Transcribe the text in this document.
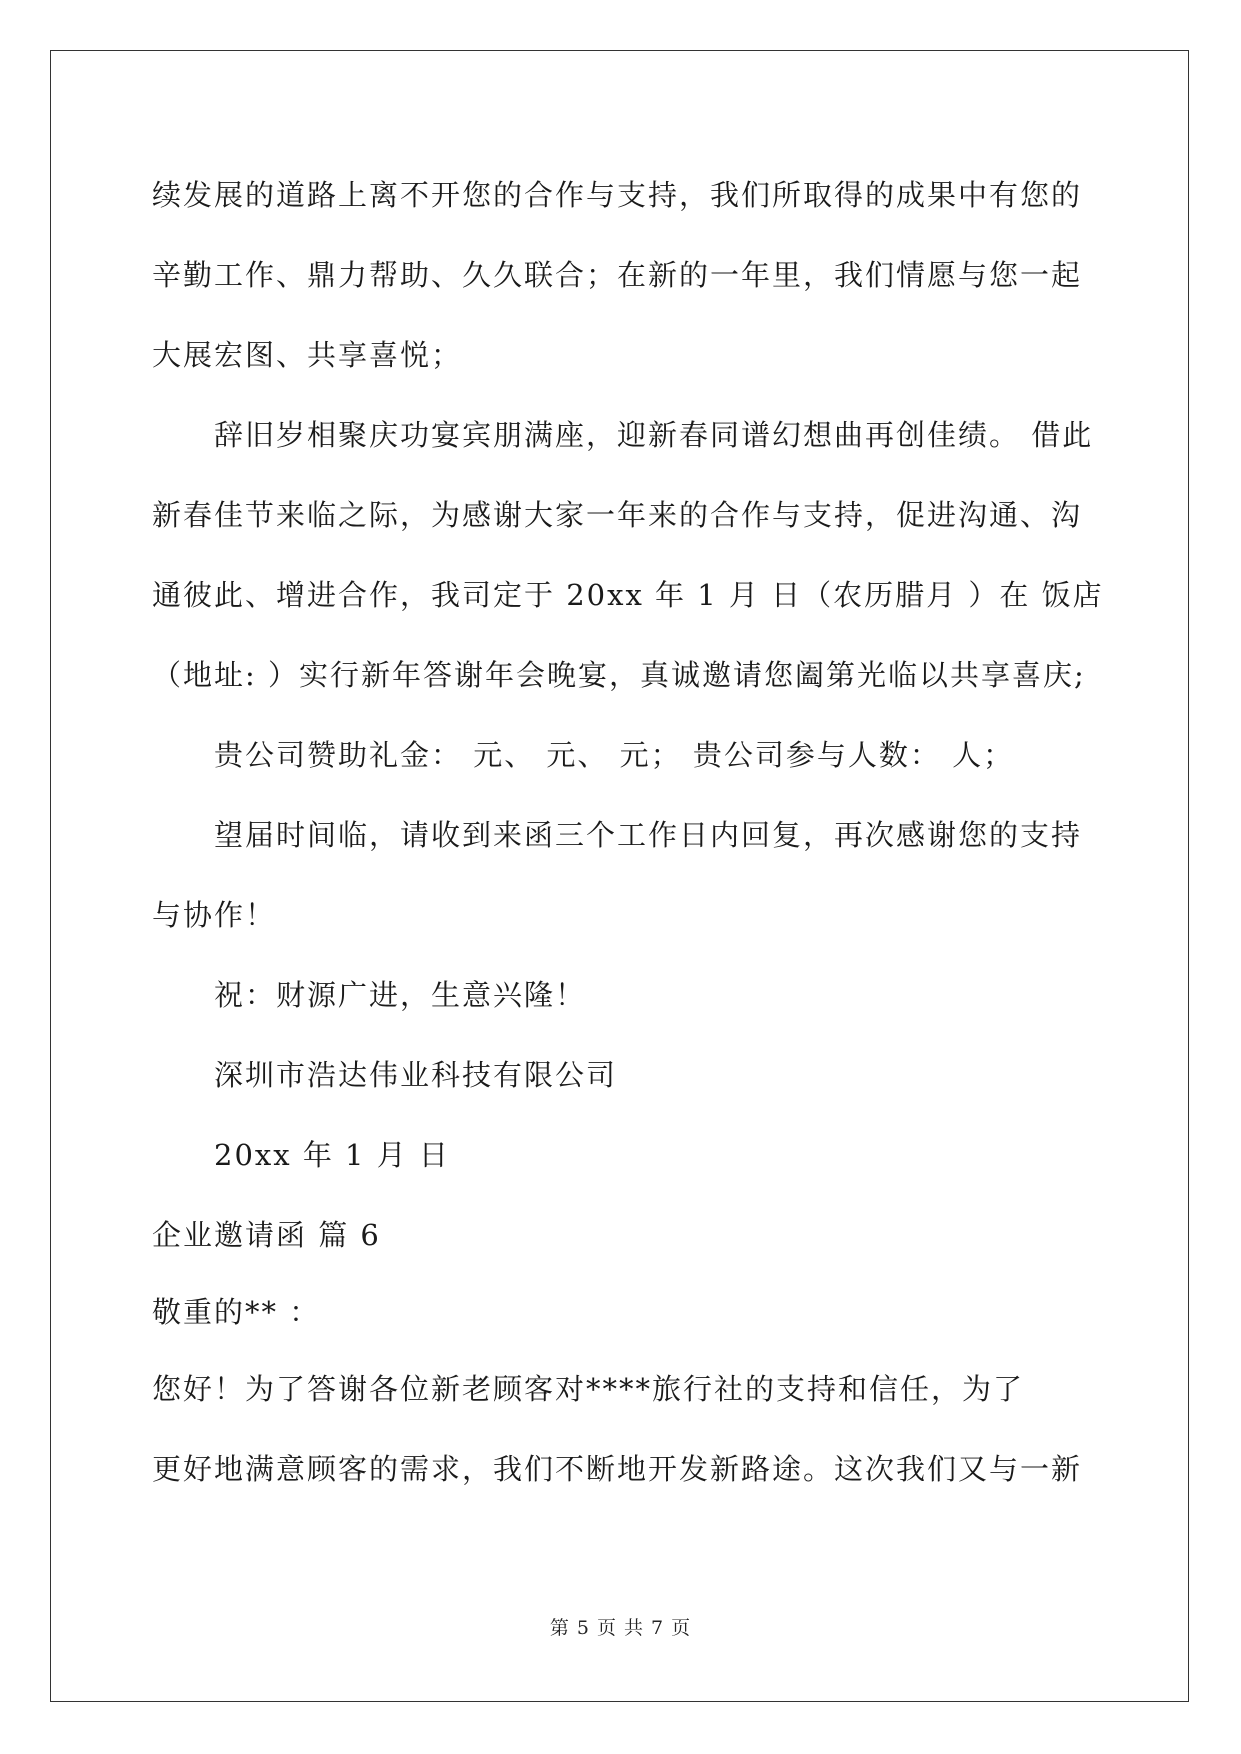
续发展的道路上离不开您的合作与支持，我们所取得的成果中有您的
辛勤工作、鼎力帮助、久久联合；在新的一年里，我们情愿与您一起
大展宏图、共享喜悦；
辞旧岁相聚庆功宴宾朋满座，迎新春同谱幻想曲再创佳绩。 借此
新春佳节来临之际，为感谢大家一年来的合作与支持，促进沟通、沟
通彼此、增进合作，我司定于 20xx 年 1 月 日（农历腊月 ）在 饭店
（地址: ）实行新年答谢年会晚宴，真诚邀请您阖第光临以共享喜庆;
贵公司赞助礼金： 元、 元、 元； 贵公司参与人数： 人；
望届时间临，请收到来函三个工作日内回复，再次感谢您的支持
与协作！
祝：财源广进，生意兴隆！
深圳市浩达伟业科技有限公司
20xx 年 1 月 日
企业邀请函 篇 6
敬重的** ：
您好！为了答谢各位新老顾客对****旅行社的支持和信任，为了
更好地满意顾客的需求，我们不断地开发新路途。这次我们又与一新
第 5 页 共 7 页
